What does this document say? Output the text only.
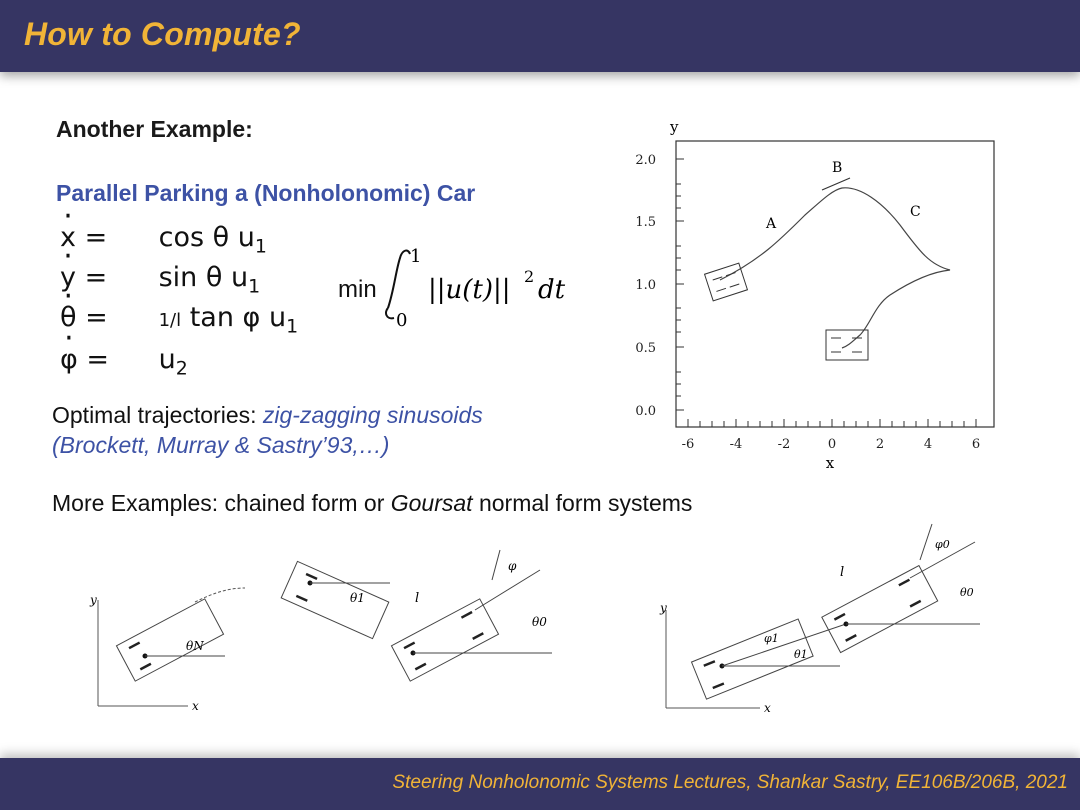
How to Compute?
Another Example:
Parallel Parking a (Nonholonomic) Car
· x = cos θ $u_1$
· y = sin θ $u_1$
· θ =	1/l tan φ $u_1$
· $\varphi = u_2$
min
1
0
||u(t)|| 2 dt
Optimal trajectories: zig-zagging sinusoids
(Brockett, Murray & Sastry’93,…)
More Examples: chained form or Goursat normal form systems
y
-6	-4	-2	0	2	4	6
0.0
0.5
1.0
1.5
2.0
x
A
B
C
y
x
θN
θ1	l
φ
θ0
y
x
φ1
θ1
φ0
l
θ0
Steering Nonholonomic Systems Lectures, Shankar Sastry, EE106B/206B, 2021
